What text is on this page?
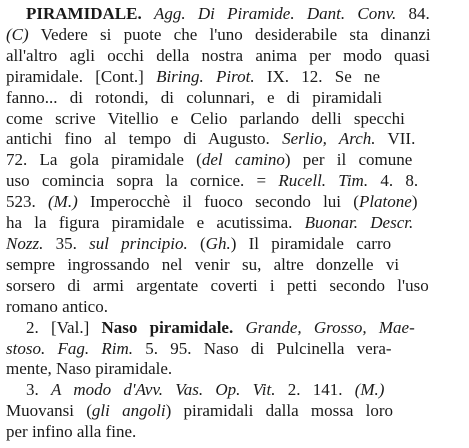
PIRAMIDALE. Agg. Di Piramide. Dant. Conv. 84.
(C) Vedere si puote che l'uno desiderabile sta dinanzi
all'altro agli occhi della nostra anima per modo quasi
piramidale. [Cont.] Biring. Pirot. IX. 12. Se ne
fanno... di rotondi, di colunnari, e di piramidali
come scrive Vitellio e Celio parlando delli specchi
antichi fino al tempo di Augusto. Serlio, Arch. VII.
72. La gola piramidale (del camino) per il comune
uso comincia sopra la cornice. = Rucell. Tim. 4. 8.
523. (M.) Imperocchè il fuoco secondo lui (Platone)
ha la figura piramidale e acutissima. Buonar. Descr.
Nozz. 35. sul principio. (Gh.) Il piramidale carro
sempre ingrossando nel venir su, altre donzelle vi
sorsero di armi argentate coverti i petti secondo l'uso
romano antico.
2. [Val.] Naso piramidale. Grande, Grosso, Mae-
stoso. Fag. Rim. 5. 95. Naso di Pulcinella vera-
mente, Naso piramidale.
3. A modo d'Avv. Vas. Op. Vit. 2. 141. (M.)
Muovansi (gli angoli) piramidali dalla mossa loro
per infino alla fine.
